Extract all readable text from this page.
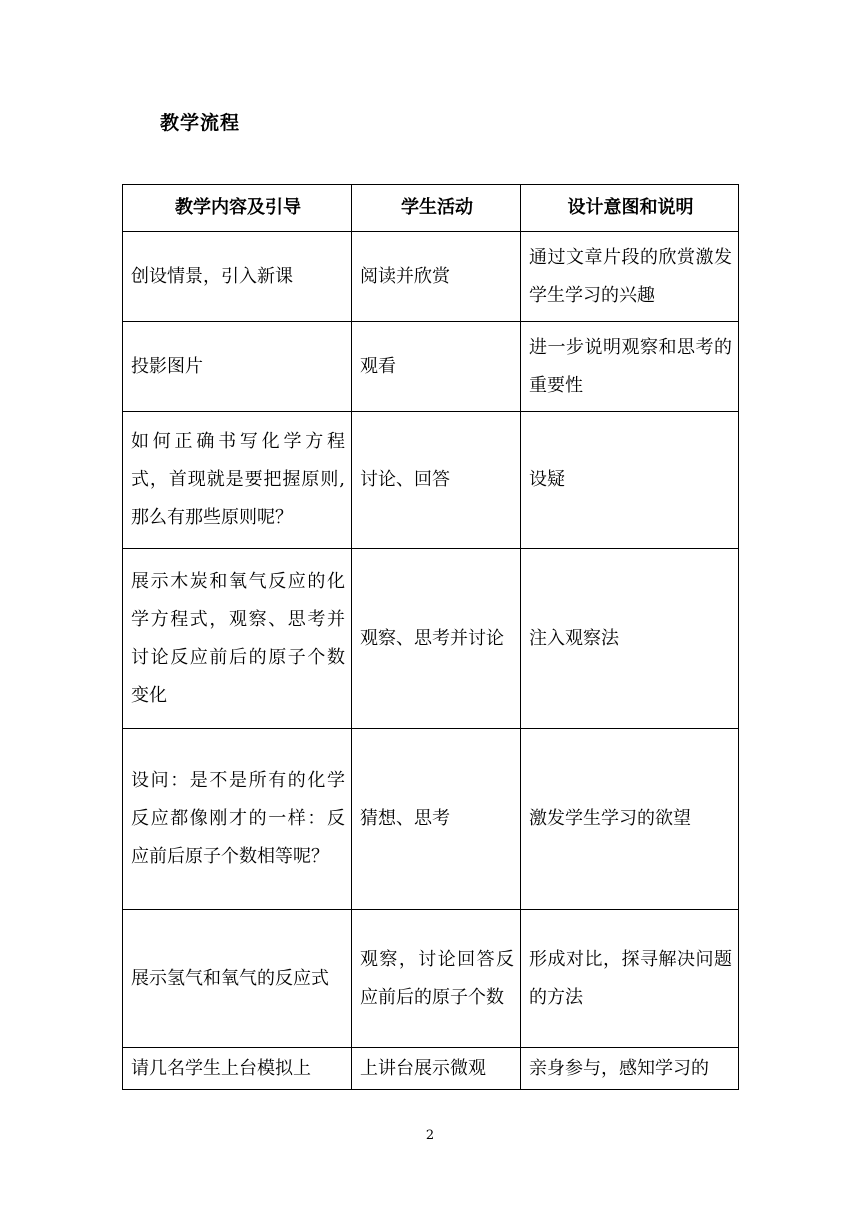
教学流程
教学内容及引导	学生活动	设计意图和说明
创设情景，引入新课	阅读并欣赏	通过文章片段的欣赏激发学生学习的兴趣
投影图片	观看	进一步说明观察和思考的重要性
如何正确书写化学方程式，首现就是要把握原则,那么有那些原则呢？	讨论、回答	设疑
展示木炭和氧气反应的化学方程式，观察、思考并讨论反应前后的原子个数变化	观察、思考并讨论	注入观察法
设问：是不是所有的化学反应都像刚才的一样：反应前后原子个数相等呢？	猜想、思考	激发学生学习的欲望
展示氢气和氧气的反应式	观察，讨论回答反应前后的原子个数	形成对比，探寻解决问题的方法
请几名学生上台模拟上	上讲台展示微观	亲身参与，感知学习的
2
